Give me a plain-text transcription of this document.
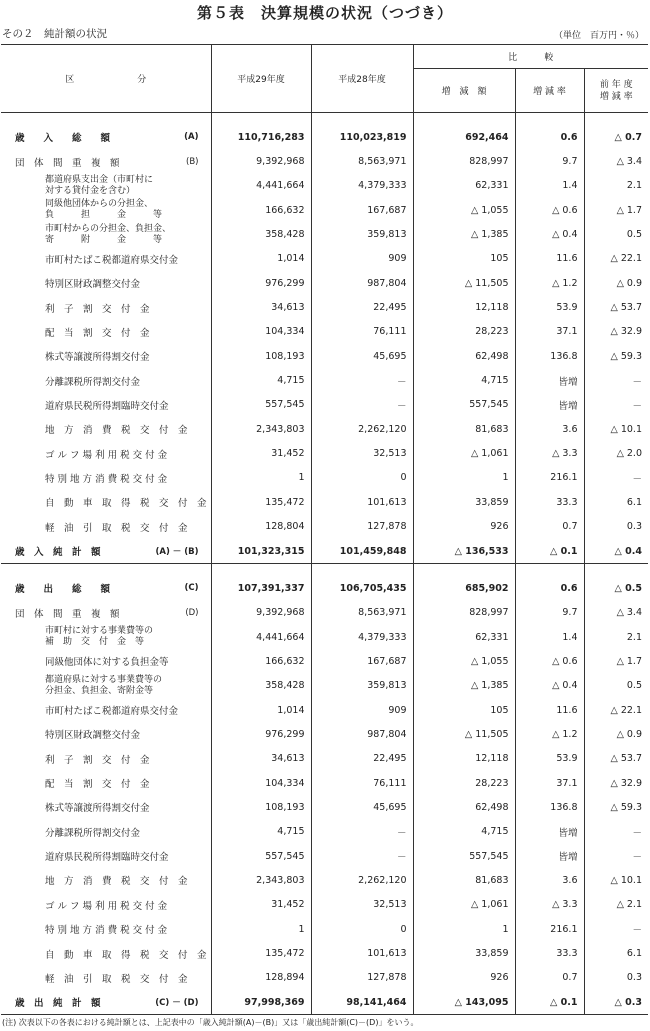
第５表　決算規模の状況（つづき）
その２　純計額の状況	（単位　百万円・％）
区　　　　　　　分	平成29年度	平成28年度	比　　　較		
			増　減　額	増 減 率	前 年 度
増 減 率

歳　　入　　総　　額 (A)	110,716,283	110,023,819	692,464	0.6	△ 0.7

団　体　間　重　複　額 (B)	9,392,968	8,563,971	828,997	9.7	△ 3.4

都道府県支出金（市町村に
対する貸付金を含む）	4,441,664	4,379,333	62,331	1.4	2.1

同級他団体からの分担金、
負　　　担　　　金　　　等	166,632	167,687	△ 1,055	△ 0.6	△ 1.7

市町村からの分担金、負担金、
寄　　　附　　　金　　　等	358,428	359,813	△ 1,385	△ 0.4	0.5

市町村たばこ税都道府県交付金	1,014	909	105	11.6	△ 22.1

特別区財政調整交付金	976,299	987,804	△ 11,505	△ 1.2	△ 0.9

利　子　割　交　付　金	34,613	22,495	12,118	53.9	△ 53.7

配　当　割　交　付　金	104,334	76,111	28,223	37.1	△ 32.9

株式等譲渡所得割交付金	108,193	45,695	62,498	136.8	△ 59.3

分離課税所得割交付金	4,715	－	4,715	皆増	－

道府県民税所得割臨時交付金	557,545	－	557,545	皆増	－

地　方　消　費　税　交　付　金	2,343,803	2,262,120	81,683	3.6	△ 10.1

ゴ ル フ 場 利 用 税 交 付 金	31,452	32,513	△ 1,061	△ 3.3	△ 2.0

特 別 地 方 消 費 税 交 付 金	1	0	1	216.1	－

自　動　車　取　得　税　交　付　金	135,472	101,613	33,859	33.3	6.1

軽　油　引　取　税　交　付　金	128,804	127,878	926	0.7	0.3

歳　入　純　計　額 (A) － (B)	101,323,315	101,459,848	△ 136,533	△ 0.1	△ 0.4

歳　　出　　総　　額 (C)	107,391,337	106,705,435	685,902	0.6	△ 0.5

団　体　間　重　複　額 (D)	9,392,968	8,563,971	828,997	9.7	△ 3.4

市町村に対する事業費等の
補　助　交　付　金　等	4,441,664	4,379,333	62,331	1.4	2.1

同級他団体に対する負担金等	166,632	167,687	△ 1,055	△ 0.6	△ 1.7

都道府県に対する事業費等の
分担金、負担金、寄附金等	358,428	359,813	△ 1,385	△ 0.4	0.5

市町村たばこ税都道府県交付金	1,014	909	105	11.6	△ 22.1

特別区財政調整交付金	976,299	987,804	△ 11,505	△ 1.2	△ 0.9

利　子　割　交　付　金	34,613	22,495	12,118	53.9	△ 53.7

配　当　割　交　付　金	104,334	76,111	28,223	37.1	△ 32.9

株式等譲渡所得割交付金	108,193	45,695	62,498	136.8	△ 59.3

分離課税所得割交付金	4,715	－	4,715	皆増	－

道府県民税所得割臨時交付金	557,545	－	557,545	皆増	－

地　方　消　費　税　交　付　金	2,343,803	2,262,120	81,683	3.6	△ 10.1

ゴ ル フ 場 利 用 税 交 付 金	31,452	32,513	△ 1,061	△ 3.3	△ 2.1

特 別 地 方 消 費 税 交 付 金	1	0	1	216.1	－

自　動　車　取　得　税　交　付　金	135,472	101,613	33,859	33.3	6.1

軽　油　引　取　税　交　付　金	128,894	127,878	926	0.7	0.3

歳　出　純　計　額 (C) － (D)	97,998,369	98,141,464	△ 143,095	△ 0.1	△ 0.3
(注) 次表以下の各表における純計額とは、上記表中の「歳入純計額(A)－(B)」又は「歳出純計額(C)－(D)」をいう。
